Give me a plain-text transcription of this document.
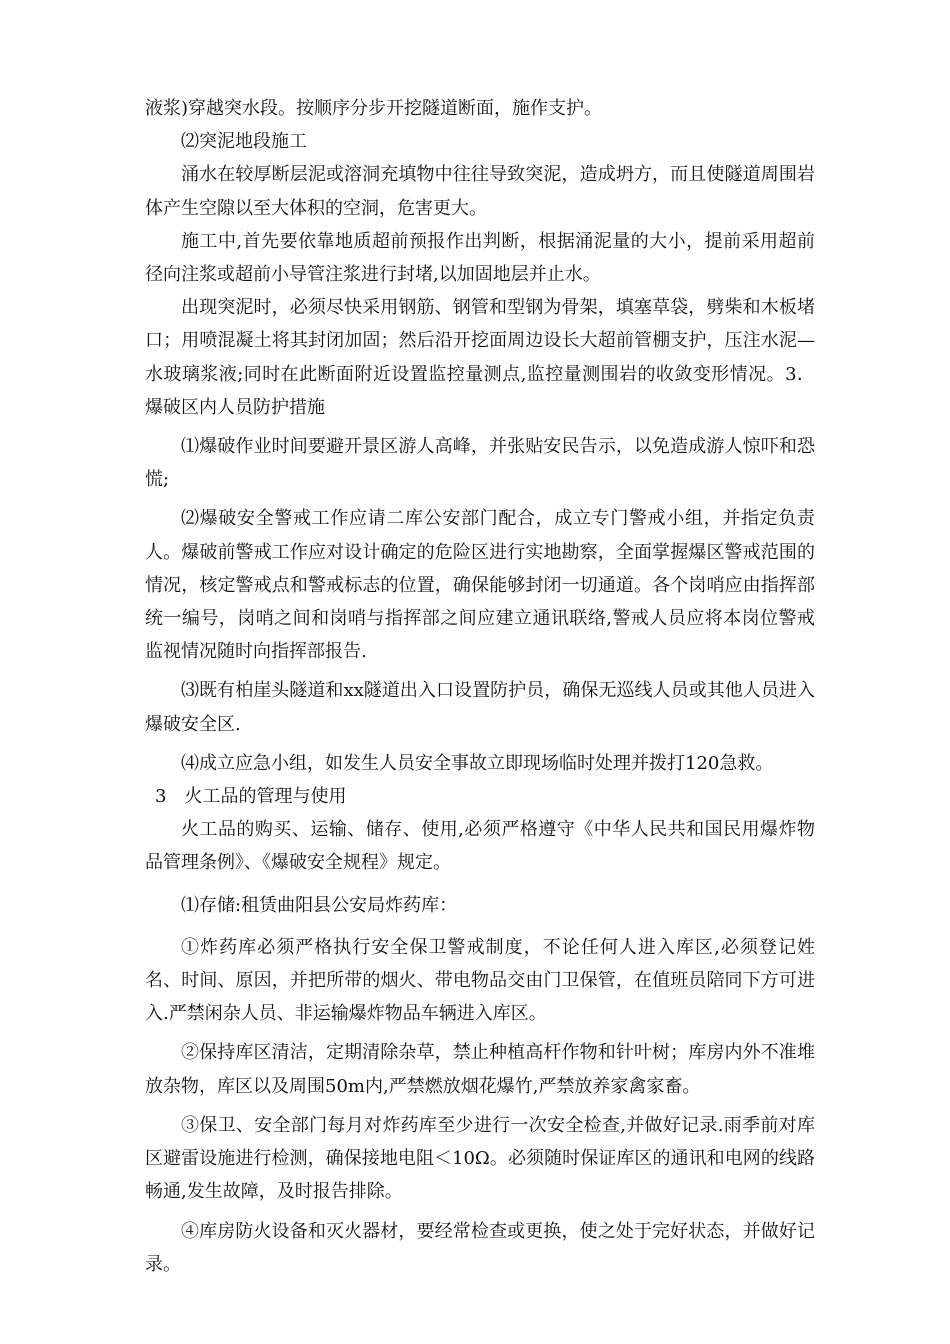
液浆)穿越突水段。按顺序分步开挖隧道断面，施作支护。

⑵突泥地段施工

涌水在较厚断层泥或溶洞充填物中往往导致突泥，造成坍方，而且使隧道周围岩体产生空隙以至大体积的空洞，危害更大。

施工中,首先要依靠地质超前预报作出判断，根据涌泥量的大小，提前采用超前径向注浆或超前小导管注浆进行封堵,以加固地层并止水。

出现突泥时，必须尽快采用钢筋、钢管和型钢为骨架，填塞草袋，劈柴和木板堵口；用喷混凝土将其封闭加固；然后沿开挖面周边设长大超前管棚支护，压注水泥—水玻璃浆液;同时在此断面附近设置监控量测点,监控量测围岩的收敛变形情况。3．爆破区内人员防护措施

⑴爆破作业时间要避开景区游人高峰，并张贴安民告示，以免造成游人惊吓和恐慌;

⑵爆破安全警戒工作应请二库公安部门配合，成立专门警戒小组，并指定负责人。爆破前警戒工作应对设计确定的危险区进行实地勘察，全面掌握爆区警戒范围的情况，核定警戒点和警戒标志的位置，确保能够封闭一切通道。各个岗哨应由指挥部统一编号，岗哨之间和岗哨与指挥部之间应建立通讯联络,警戒人员应将本岗位警戒监视情况随时向指挥部报告.

⑶既有柏崖头隧道和xx隧道出入口设置防护员，确保无巡线人员或其他人员进入爆破安全区.

⑷成立应急小组，如发生人员安全事故立即现场临时处理并拨打120急救。

3　火工品的管理与使用

火工品的购买、运输、储存、使用,必须严格遵守《中华人民共和国民用爆炸物品管理条例》、《爆破安全规程》规定。

⑴存储:租赁曲阳县公安局炸药库：

①炸药库必须严格执行安全保卫警戒制度，不论任何人进入库区,必须登记姓名、时间、原因，并把所带的烟火、带电物品交由门卫保管，在值班员陪同下方可进入.严禁闲杂人员、非运输爆炸物品车辆进入库区。

②保持库区清洁，定期清除杂草，禁止种植高杆作物和针叶树；库房内外不准堆放杂物，库区以及周围50m内,严禁燃放烟花爆竹,严禁放养家禽家畜。

③保卫、安全部门每月对炸药库至少进行一次安全检查,并做好记录.雨季前对库区避雷设施进行检测，确保接地电阻＜10Ω。必须随时保证库区的通讯和电网的线路畅通,发生故障，及时报告排除。

④库房防火设备和灭火器材，要经常检查或更换，使之处于完好状态，并做好记录。
